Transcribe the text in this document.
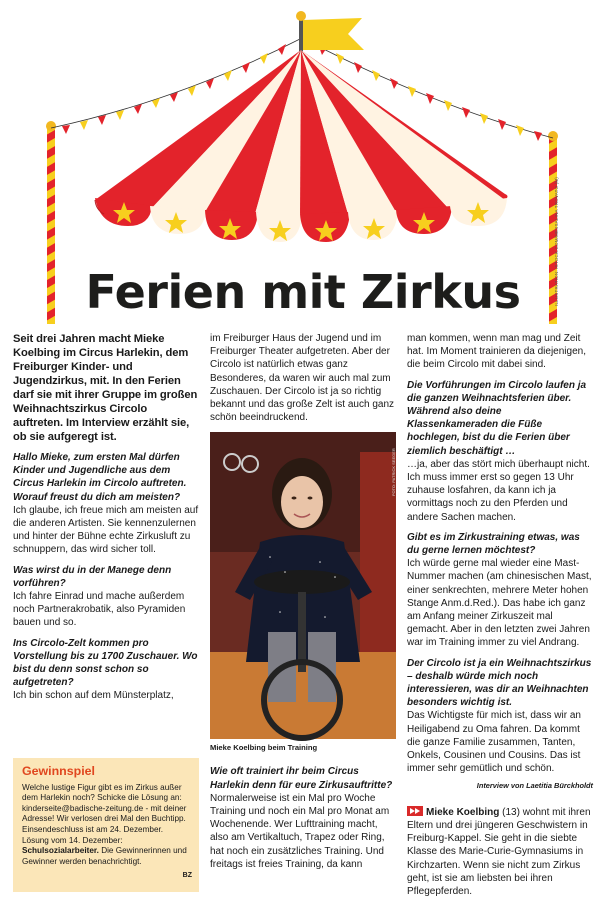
ILLUSTRATION: ISTOCK.COM/MESSALINA TROVATO (M)
Ferien mit Zirkus

Seit drei Jahren macht Mieke Koelbing im Circus Harlekin, dem Freiburger Kinder- und Jugendzirkus, mit. In den Ferien darf sie mit ihrer Gruppe im großen Weihnachtszirkus Circolo auftreten. Im Interview erzählt sie, ob sie aufgeregt ist.

Hallo Mieke, zum ersten Mal dürfen Kinder und Jugendliche aus dem Circus Harlekin im Circolo auftreten. Worauf freust du dich am meisten?

Ich glaube, ich freue mich am meisten auf die anderen Artisten. Sie kennenzulernen und hinter der Bühne echte Zirkusluft zu schnuppern, das wird sicher toll.

Was wirst du in der Manege denn vorführen?

Ich fahre Einrad und mache außerdem noch Partnerakrobatik, also Pyramiden bauen und so.

Ins Circolo-Zelt kommen pro Vorstellung bis zu 1700 Zuschauer. Wo bist du denn sonst schon so aufgetreten?

Ich bin schon auf dem Münsterplatz,

im Freiburger Haus der Jugend und im Freiburger Theater aufgetreten. Aber der Circolo ist natürlich etwas ganz Besonderes, da waren wir auch mal zum Zuschauen. Der Circolo ist ja so richtig bekannt und das große Zelt ist auch ganz schön beeindruckend.

FOTO: PATRICK SEEGER

Mieke Koelbing beim Training

Wie oft trainiert ihr beim Circus Harlekin denn für eure Zirkusauftritte?

Normalerweise ist ein Mal pro Woche Training und noch ein Mal pro Monat am Wochenende. Wer Lufttraining macht, also am Vertikaltuch, Trapez oder Ring, hat noch ein zusätzliches Training. Und freitags ist freies Training, da kann

man kommen, wenn man mag und Zeit hat. Im Moment trainieren da diejenigen, die beim Circolo mit dabei sind.

Die Vorführungen im Circolo laufen ja die ganzen Weihnachtsferien über. Während also deine Klassenkameraden die Füße hochlegen, bist du die Ferien über ziemlich beschäftigt …

…ja, aber das stört mich überhaupt nicht. Ich muss immer erst so gegen 13 Uhr zuhause losfahren, da kann ich ja vormittags noch zu den Pferden und andere Sachen machen.

Gibt es im Zirkustraining etwas, was du gerne lernen möchtest?

Ich würde gerne mal wieder eine Mast-Nummer machen (am chinesischen Mast, einer senkrechten, mehrere Meter hohen Stange Anm.d.Red.). Das habe ich ganz am Anfang meiner Zirkuszeit mal gemacht. Aber in den letzten zwei Jahren war im Training immer zu viel Andrang.

Der Circolo ist ja ein Weihnachtszirkus – deshalb würde mich noch interessieren, was dir an Weihnachten besonders wichtig ist.

Das Wichtigste für mich ist, dass wir an Heiligabend zu Oma fahren. Da kommt die ganze Familie zusammen, Tanten, Onkels, Cousinen und Cousins. Das ist immer sehr gemütlich und schön.

Interview von Laetitia Bürckholdt

Mieke Koelbing (13) wohnt mit ihren Eltern und drei jüngeren Geschwistern in Freiburg-Kappel. Sie geht in die siebte Klasse des Marie-Curie-Gymnasiums in Kirchzarten. Wenn sie nicht zum Zirkus geht, ist sie am liebsten bei ihren Pflegepferden.

Gewinnspiel
Welche lustige Figur gibt es im Zirkus außer dem Harlekin noch? Schicke die Lösung an: kinderseite@badische-zeitung.de - mit deiner Adresse! Wir verlosen drei Mal den Buchtipp. Einsendeschluss ist am 24. Dezember. Lösung vom 14. Dezember: Schulsozialarbeiter. Die Gewinnerinnen und Gewinner werden benachrichtigt.
BZ
